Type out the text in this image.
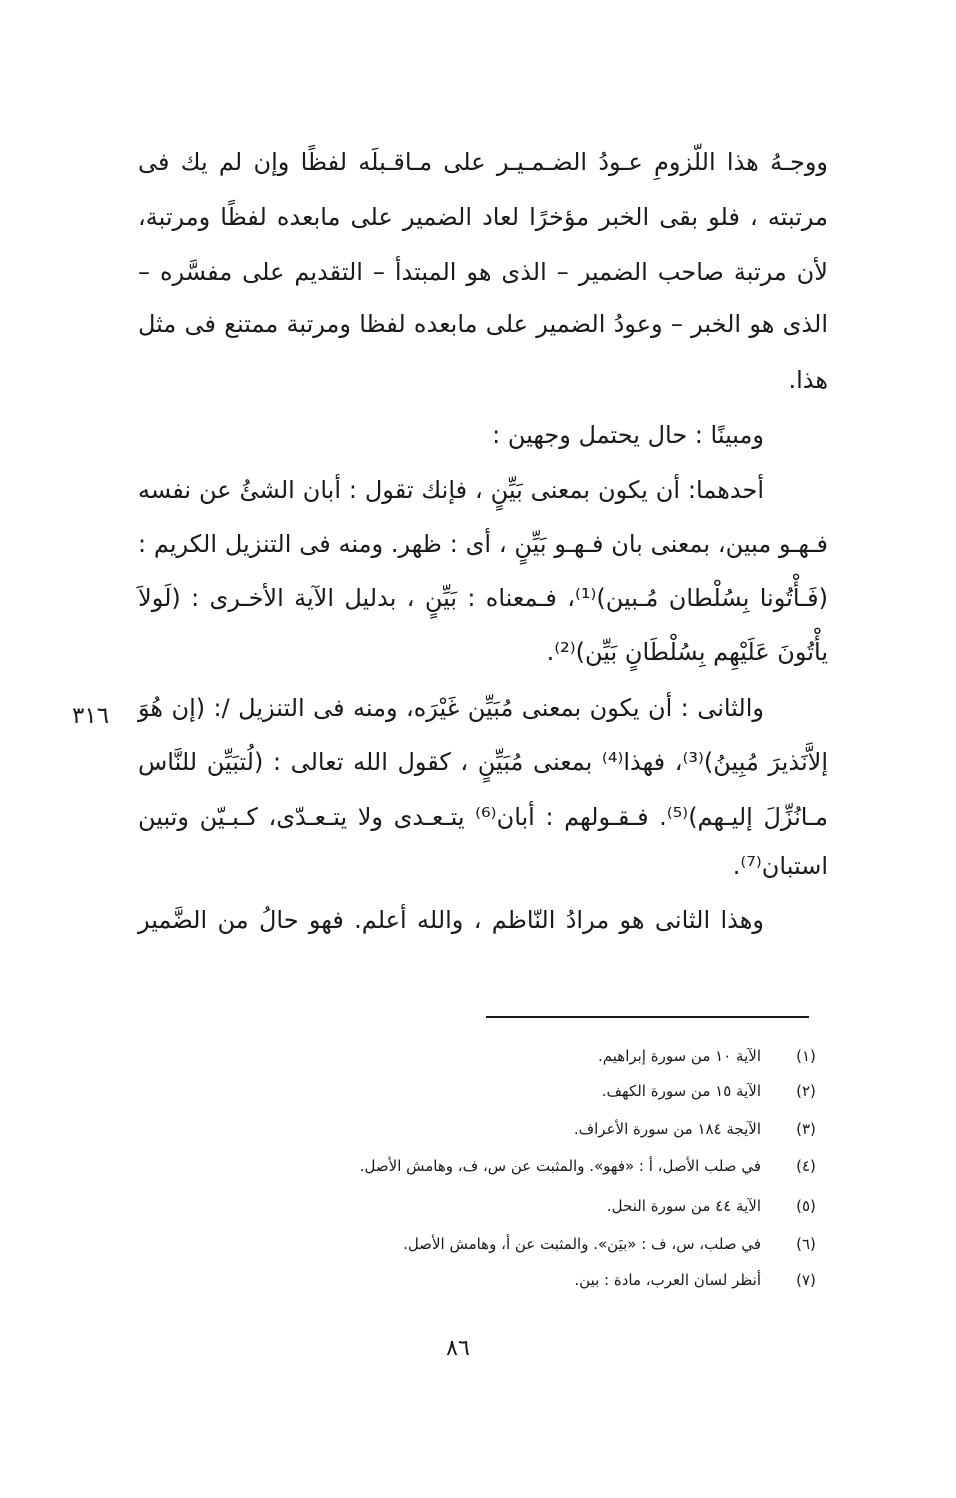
ووجـهُ هذا اللّزومِ عـودُ الضـمـيـر على مـاقـبلَه لفظًا وإن لم يك فى
مرتبته ، فلو بقى الخبر مؤخرًا لعاد الضمير على مابعده لفظًا ومرتبة،
لأن مرتبة صاحب الضمير – الذى هو المبتدأ – التقديم على مفسَّره –
الذى هو الخبر – وعودُ الضمير على مابعده لفظا ومرتبة ممتنع فى مثل
هذا.
ومبينًا : حال يحتمل وجهين :
أحدهما: أن يكون بمعنى بَيِّنٍ ، فإنك تقول : أبان الشئُ عن نفسه
فـهـو مبين، بمعنى بان فـهـو بَيِّنٍ ، أى : ظهر. ومنه فى التنزيل الكريم :
(فَـأْتُونا بِسُلْطان مُـبين)⁽¹⁾، فـمعناه : بَيِّنٍ ، بدليل الآية الأخـرى : (لَولاَ
يأْتُونَ عَلَيْهِم بِسُلْطَانٍ بَيِّن)⁽²⁾.
والثانى : أن يكون بمعنى مُبَيِّن غَيْرَه، ومنه فى التنزيل /: (إن هُوَ
إلاَّنَذيرَ مُبِينُ)⁽³⁾، فهذا⁽⁴⁾ بمعنى مُبَيِّنٍ ، كقول الله تعالى : (لُتبَيِّن للنَّاس
مـانُزِّلَ إليـهم)⁽⁵⁾. فـقـولهم : أبان⁽⁶⁾ يتـعـدى ولا يتـعـدّى، كـبـيّن وتبين
استبان⁽⁷⁾.
وهذا الثانى هو مرادُ النّاظم ، والله أعلم. فهو حالُ من الضَّمير
٣١٦
(١)
الآية ١٠ من سورة إبراهيم.
(٢)
الآية ١٥ من سورة الكهف.
(٣)
الآيجة ١٨٤ من سورة الأعراف.
(٤)
في صلب الأصل، أ : «فهو». والمثبت عن س، ف، وهامش الأصل.
(٥)
الآية ٤٤ من سورة النحل.
(٦)
في صلب، س، ف : «بيَن». والمثبت عن أ، وهامش الأصل.
(٧)
أنظر لسان العرب، مادة : بين.
٨٦
